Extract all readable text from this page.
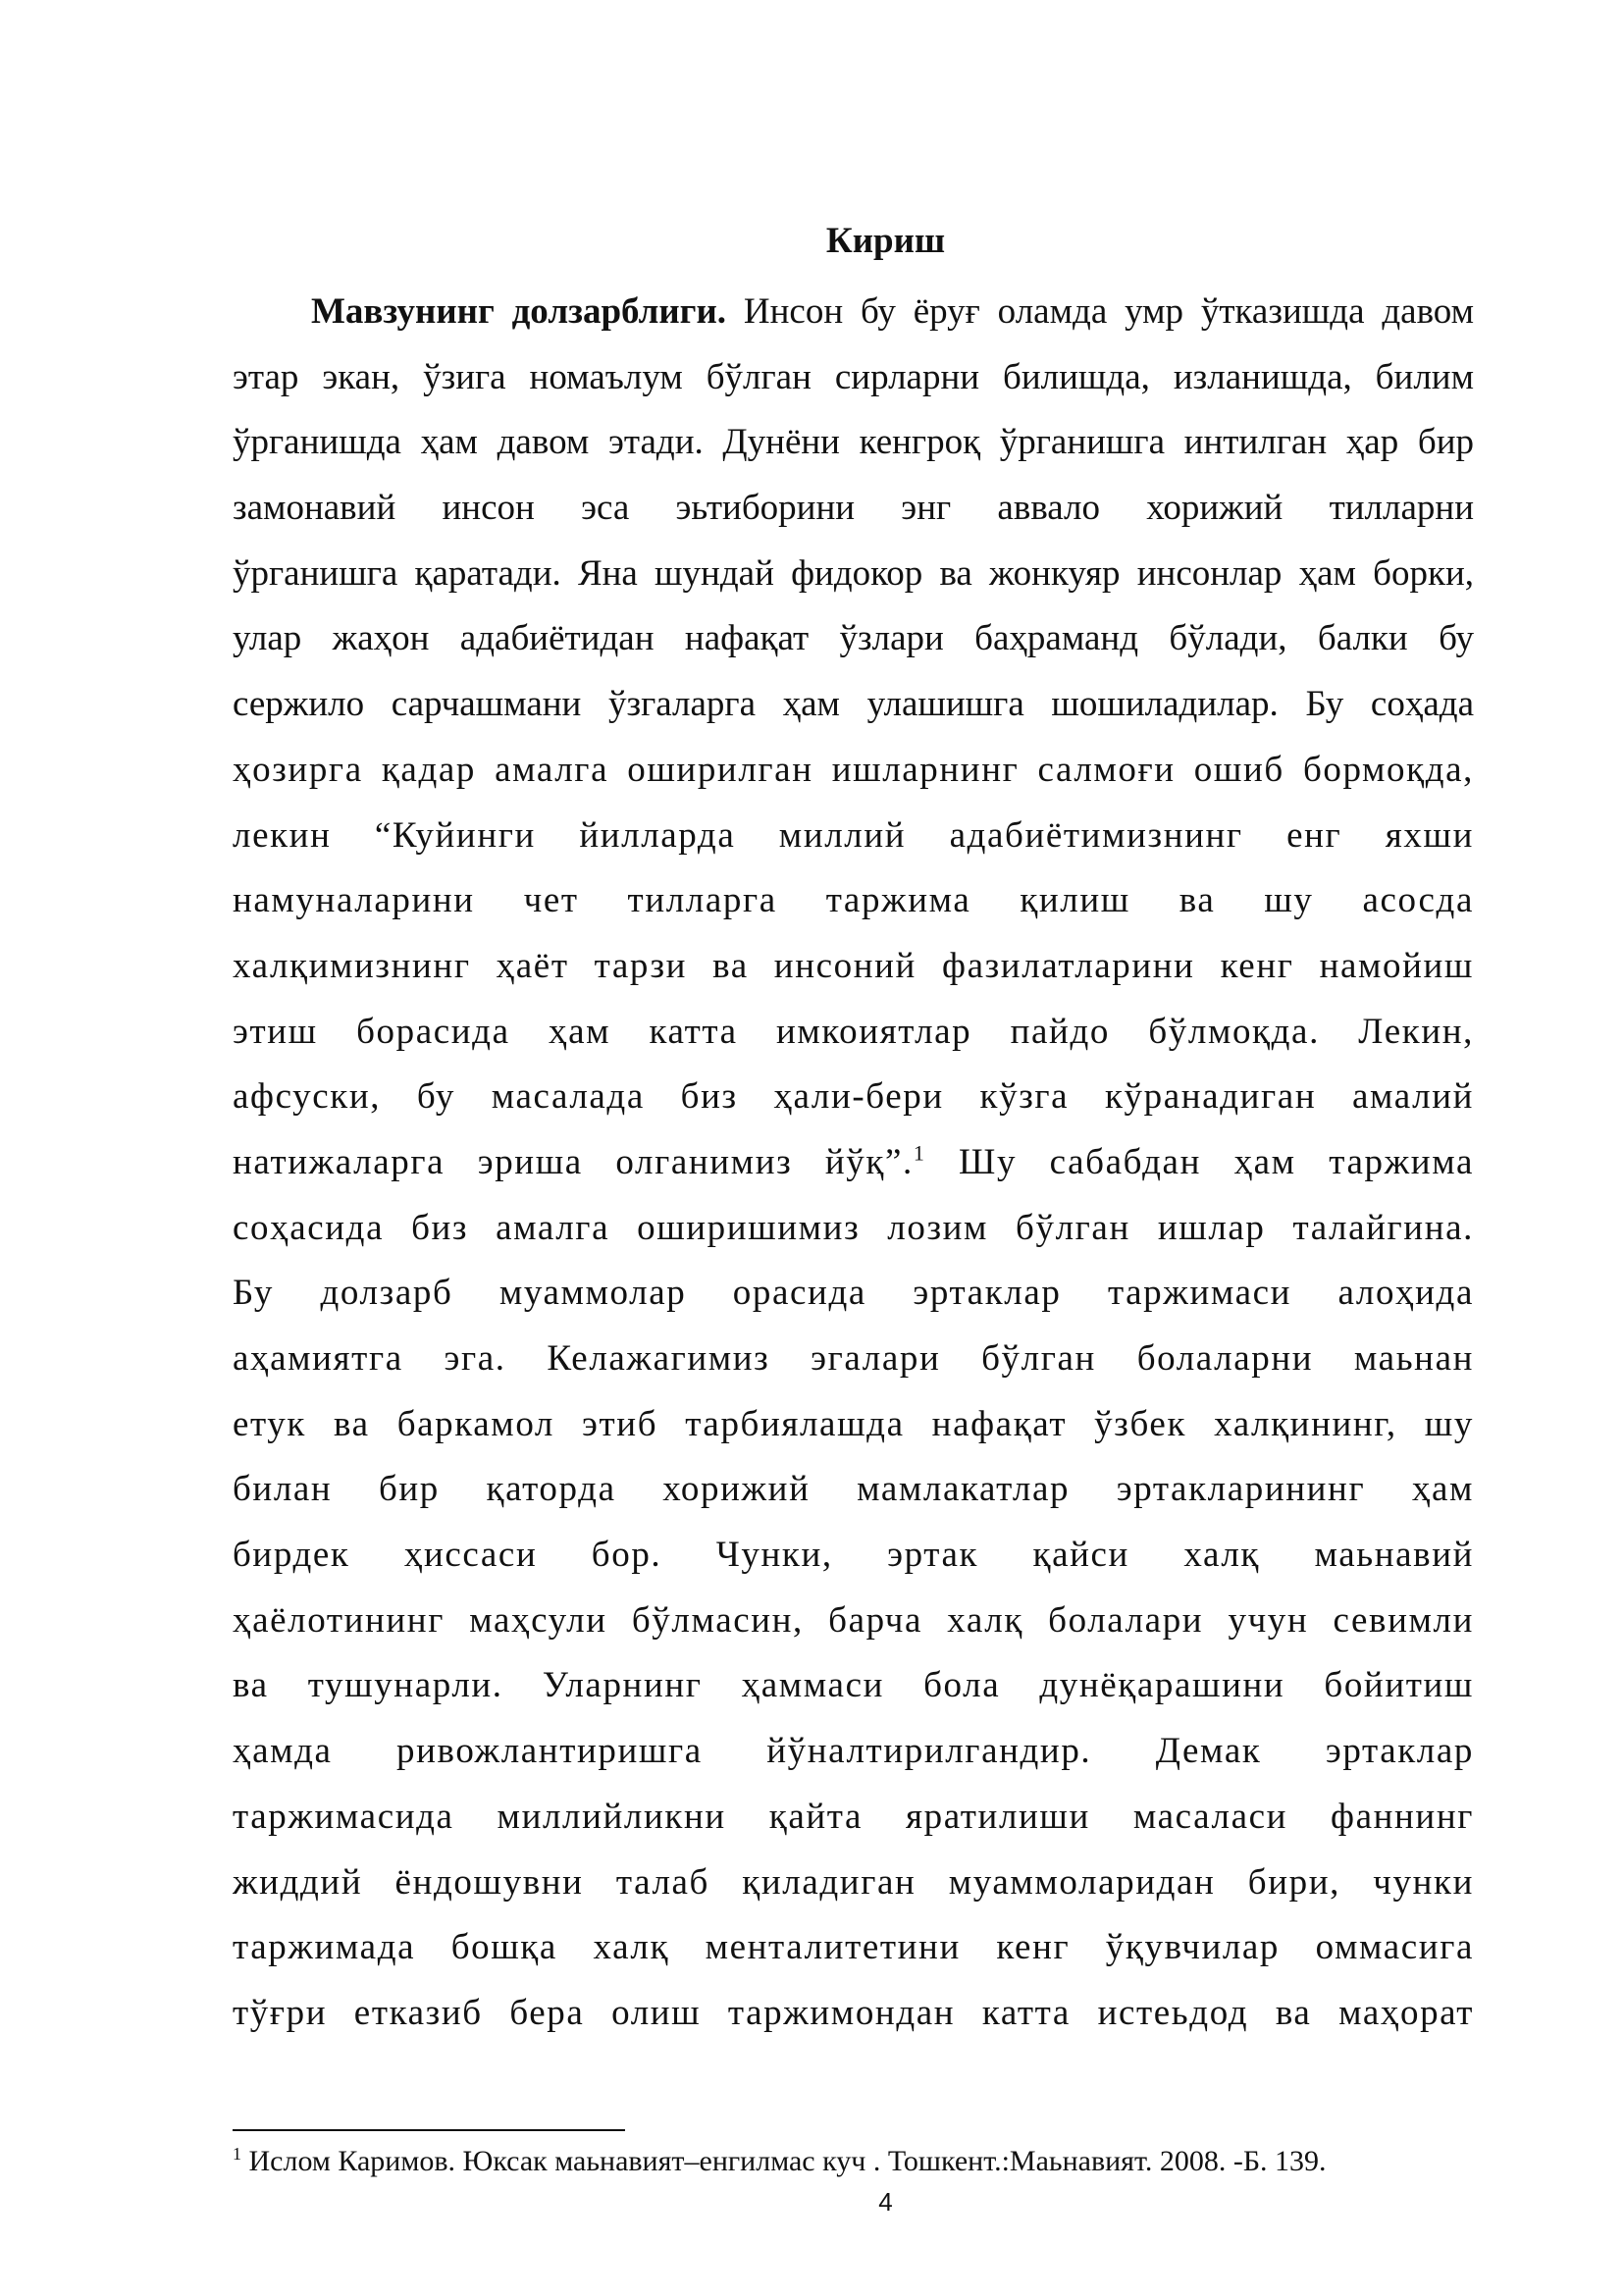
Кириш
Мавзунинг долзарблиги. Инсон бу ёруғ оламда умр ўтказишда давом
этар экан, ўзига номаълум бўлган сирларни билишда, изланишда, билим
ўрганишда ҳам давом этади. Дунёни кенгроқ ўрганишга интилган ҳар бир
замонавий инсон эса эьтиборини энг аввало хорижий тилларни
ўрганишга қаратади. Яна шундай фидокор ва жонкуяр инсонлар ҳам борки,
улар жаҳон адабиётидан нафақат ўзлари баҳраманд бўлади, балки бу
сержило сарчашмани ўзгаларга ҳам улашишга шошиладилар. Бу соҳада
ҳозирга қадар амалга оширилган ишларнинг салмоғи ошиб бормоқда,
лекин “Куйинги йилларда миллий адабиётимизнинг енг яхши
намуналарини чет тилларга таржима қилиш ва шу асосда
халқимизнинг ҳаёт тарзи ва инсоний фазилатларини кенг намойиш
этиш борасида ҳам катта имкоиятлар пайдо бўлмоқда. Лекин,
афсуски, бу масалада биз ҳали-бери кўзга кўранадиган амалий
натижаларга эриша олганимиз йўқ”.$^1$ Шу сабабдан ҳам таржима
соҳасида биз амалга оширишимиз лозим бўлган ишлар талайгина.
Бу долзарб муаммолар орасида эртаклар таржимаси алоҳида
аҳамиятга эга. Келажагимиз эгалари бўлган болаларни маьнан
етук ва баркамол этиб тарбиялашда нафақат ўзбек халқининг, шу
билан бир қаторда хорижий мамлакатлар эртакларининг ҳам
бирдек ҳиссаси бор. Чунки, эртак қайси халқ маьнавий
ҳаёлотининг маҳсули бўлмасин, барча халқ болалари учун севимли
ва тушунарли. Уларнинг ҳаммаси бола дунёқарашини бойитиш
ҳамда ривожлантиришга йўналтирилгандир. Демак эртаклар
таржимасида миллийликни қайта яратилиши масаласи фаннинг
жиддий ёндошувни талаб қиладиган муаммоларидан бири, чунки
таржимада бошқа халқ менталитетини кенг ўқувчилар оммасига
тўғри етказиб бера олиш таржимондан катта истеьдод ва маҳорат
$^1$ Ислом Каримов. Юксак маьнавият–енгилмас куч . Тошкент.:Маьнавият. 2008. -Б. 139.
4
